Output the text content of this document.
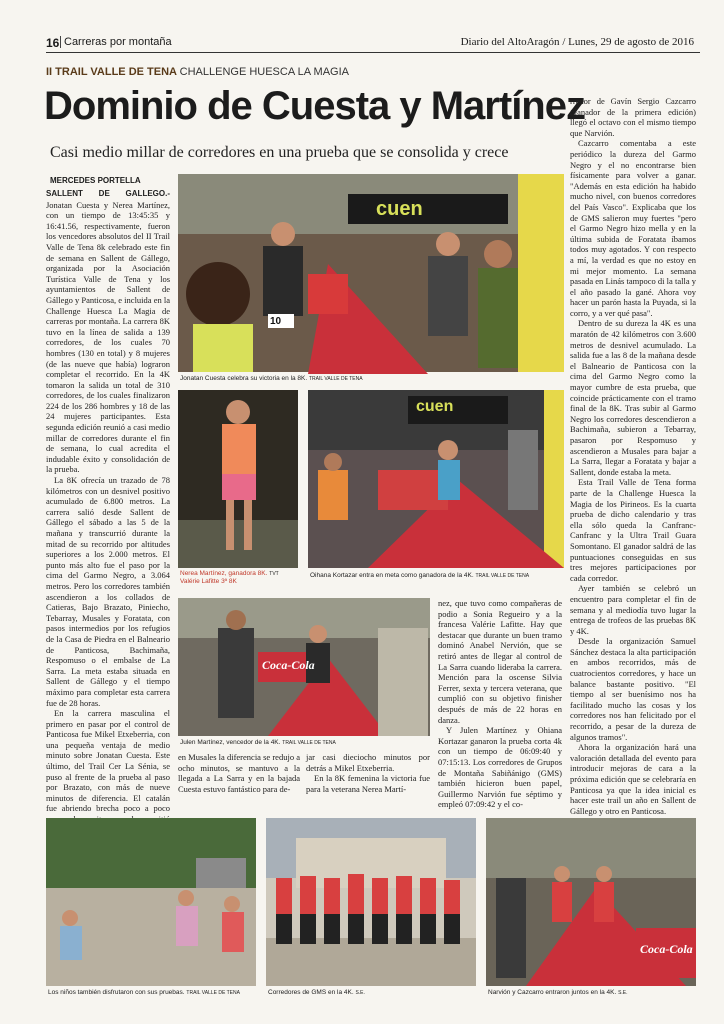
16 Carreras por montaña	Diario del AltoAragón / Lunes, 29 de agosto de 2016
II TRAIL VALLE DE TENA CHALLENGE HUESCA LA MAGIA
Dominio de Cuesta y Martínez
Casi medio millar de corredores en una prueba que se consolida y crece
MERCEDES PORTELLA

SALLENT DE GALLEGO.- Jonatan Cuesta y Nerea Martínez, con un tiempo de 13:45:35 y 16:41.56, respectivamente, fueron los vencedores absolutos del II Trail Valle de Tena 8k celebrado este fin de semana en Sallent de Gállego, organizada por la Asociación Turística Valle de Tena y los ayuntamientos de Sallent de Gállego y Panticosa, e incluida en la Challenge Huesca La Magia de carreras por montaña. La carrera 8K tuvo en la línea de salida a 139 corredores, de los cuales 70 hombres (130 en total) y 8 mujeres (de las nueve que había) lograron completar el recorrido. En la 4K tomaron la salida un total de 310 corredores, de los cuales finalizaron 224 de los 286 hombres y 18 de las 24 mujeres participantes. Esta segunda edición reunió a casi medio millar de corredores durante el fin de semana, lo cual acredita el indudable éxito y consolidación de la prueba.

La 8K ofrecía un trazado de 78 kilómetros con un desnivel positivo acumulado de 6.800 metros. La carrera salió desde Sallent de Gállego el sábado a las 5 de la mañana y transcurrió durante la mitad de su recorrido por altitudes superiores a los 2.000 metros. El punto más alto fue el paso por la cima del Garmo Negro, a 3.064 metros. Pero los corredores también ascendieron a los collados de Catieras, Bajo Brazato, Piniecho, Tebarray, Musales y Foratata, con pasos intermedios por los refugios de la Casa de Piedra en el Balneario de Panticosa, Bachimaña, Respomuso o el embalse de La Sarra. La meta estaba situada en Sallent de Gállego y el tiempo máximo para completar esta carrera fue de 28 horas.

En la carrera masculina el primero en pasar por el control de Panticosa fue Mikel Etxeberria, con una pequeña ventaja de medio minuto sobre Jonatan Cuesta. Este último, del Trail Cer La Sénia, se puso al frente de la prueba al paso por Brazato, con más de nueve minutos de diferencia. El catalán fue abriendo brecha poco a poco

cuen
10
Jonatan Cuesta celebra su victoria en la 8K. TRAIL VALLE DE TENA
Nerea Martínez, ganadora 8K. TVT
Valérie Lafitte 3ª 8K
cuen
Oihana Kortazar entra en meta como ganadora de la 4K. TRAIL VALLE DE TENA
Coca-Cola
Julen Martínez, vencedor de la 4K. TRAIL VALLE DE TENA

en Musales la diferencia se redujo a ocho minutos, se mantuvo a la llegada a La Sarra y en la bajada Cuesta estuvo fantástico para de-

jar casi dieciocho minutos por detrás a Mikel Etxeberria.

En la 8K femenina la victoria fue para la veterana Nerea Martí-

nez, que tuvo como compañeras de podio a Sonia Regueiro y a la francesa Valérie Lafitte. Hay que destacar que durante un buen tramo dominó Anabel Nervión, que se retiró antes de llegar al control de La Sarra cuando lideraba la carrera. Mención para la oscense Silvia Ferrer, sexta y tercera veterana, que cumplió con su objetivo finisher después de más de 22 horas en danza.

Y Julen Martínez y Ohiana Kortazar ganaron la prueba corta 4k con un tiempo de 06:09:40 y 07:15:13. Los corredores de Grupos de Montaña Sabiñánigo (GMS) también hicieron buen papel, Guillermo Narvión fue séptimo y empleó 07:09:42 y el co-

rredor de Gavín Sergio Cazcarro (ganador de la primera edición) llegó el octavo con el mismo tiempo que Narvión.

Cazcarro comentaba a este periódico la dureza del Garmo Negro y el no encontrarse bien físicamente para volver a ganar. "Además en esta edición ha habido mucho nivel, con buenos corredores del País Vasco". Explicaba que los de GMS salieron muy fuertes "pero el Garmo Negro hizo mella y en la última subida de Foratata íbamos todos muy agotados. Y con respecto a mí, la verdad es que no estoy en mi mejor momento. La semana pasada en Linás tampoco di la talla y el año pasado la gané. Ahora voy hacer un parón hasta la Puyada, si la corro, y a ver qué pasa".

Dentro de su dureza la 4K es una maratón de 42 kilómetros con 3.600 metros de desnivel acumulado. La salida fue a las 8 de la mañana desde el Balneario de Panticosa con la cima del Garmo Negro como la mayor cumbre de esta prueba, que coincide prácticamente con el tramo final de la 8K. Tras subir al Garmo Negro los corredores descendieron a Bachimaña, subieron a Tebarray, pasaron por Respomuso y ascendieron a Musales para bajar a La Sarra, llegar a Foratata y bajar a Sallent, donde estaba la meta.

Esta Trail Valle de Tena forma parte de la Challenge Huesca la Magia de los Pirineos. Es la cuarta prueba de dicho calendario y tras ella sólo queda la Canfranc-Canfranc y la Ultra Trail Guara Somontano. El ganador saldrá de las puntuaciones conseguidas en sus tres mejores participaciones por cada corredor.

Ayer también se celebró un encuentro para completar el fin de semana y al mediodía tuvo lugar la entrega de trofeos de las pruebas 8K y 4K.

Desde la organización Samuel Sánchez destaca la alta participación en ambos recorridos, más de cuatrocientos corredores, y hace un balance bastante positivo. "El tiempo al ser buenísimo nos ha facilitado mucho las cosas y los corredores nos han felicitado por el recorrido, a pesar de la dureza de algunos tramos".

Ahora la organización hará una valoración detallada del evento para introducir mejoras de cara a la próxima edición que se celebraría en Panticosa ya que la idea inicial es hacer este trail un año en Sallent de Gállego y otro en Panticosa.

Los niños también disfrutaron con sus pruebas. TRAIL VALLE DE TENA	Corredores de GMS en la 4K. S.E.
Coca-Cola
Narvión y Cazcarro entraron juntos en la 4K. S.E.
